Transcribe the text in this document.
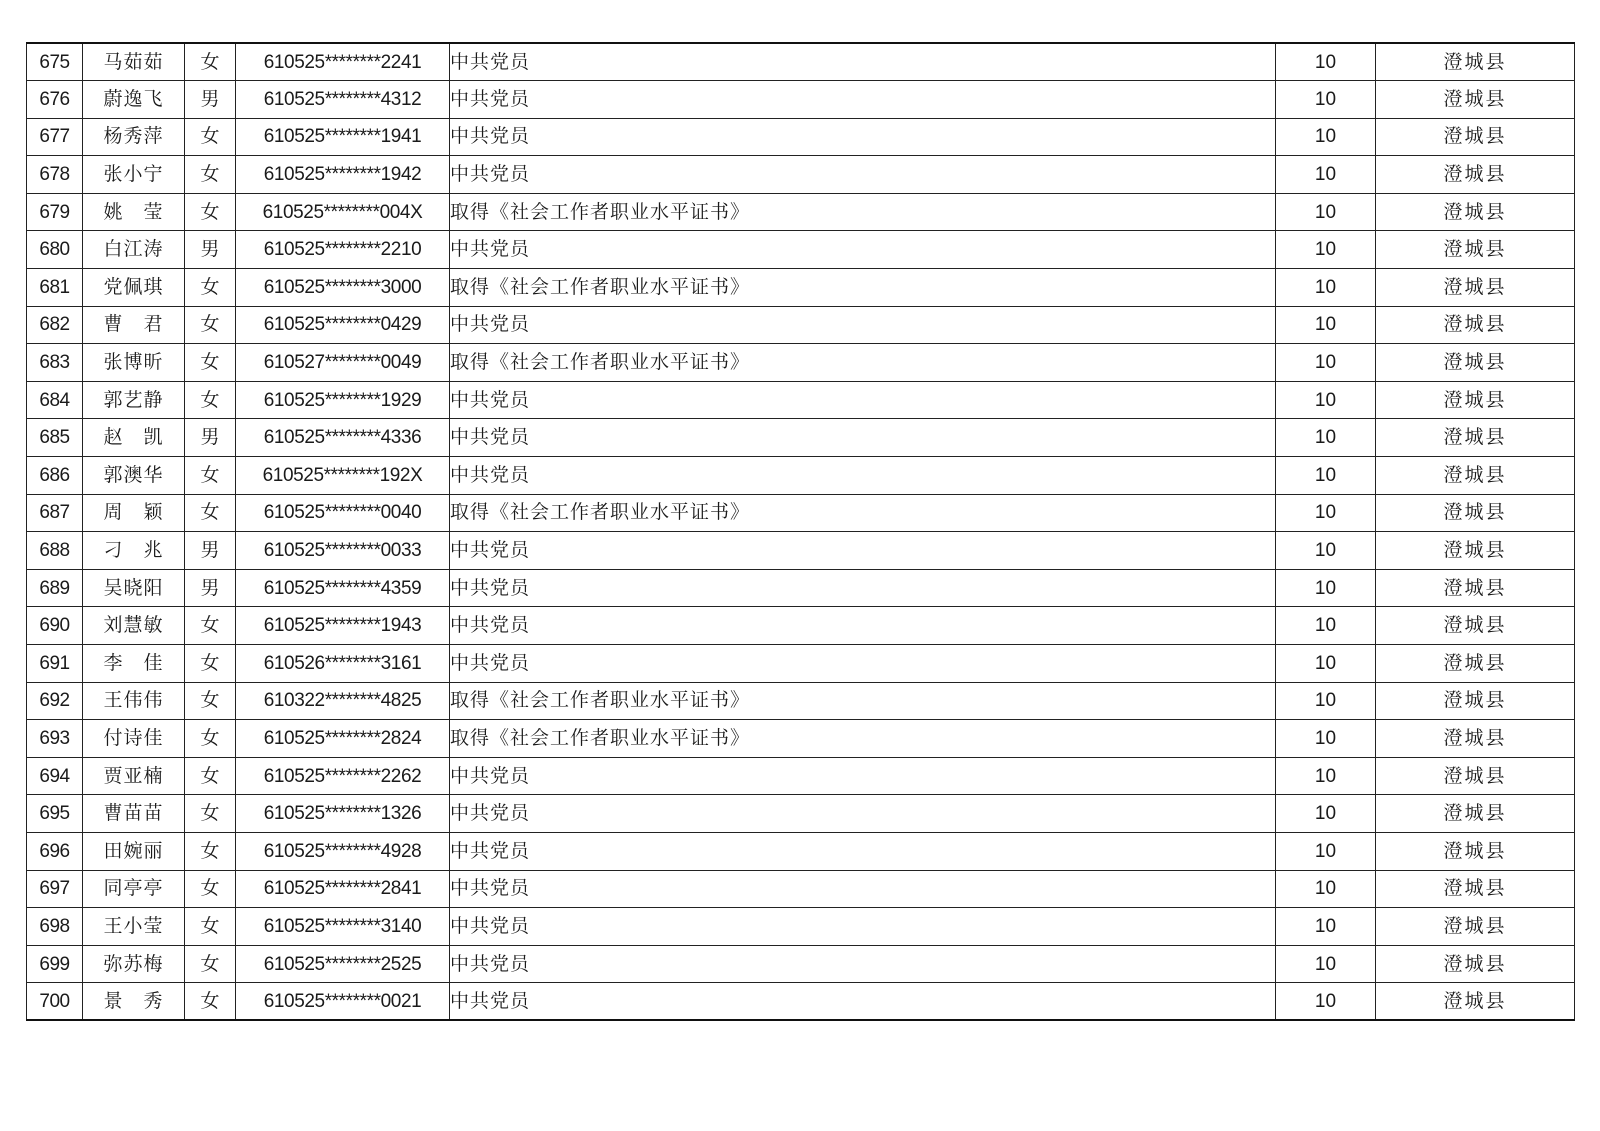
675	马茹茹	女	610525********2241	中共党员	10	澄城县
676	蔚逸飞	男	610525********4312	中共党员	10	澄城县
677	杨秀萍	女	610525********1941	中共党员	10	澄城县
678	张小宁	女	610525********1942	中共党员	10	澄城县
679	姚　莹	女	610525********004X	取得《社会工作者职业水平证书》	10	澄城县
680	白江涛	男	610525********2210	中共党员	10	澄城县
681	党佩琪	女	610525********3000	取得《社会工作者职业水平证书》	10	澄城县
682	曹　君	女	610525********0429	中共党员	10	澄城县
683	张博昕	女	610527********0049	取得《社会工作者职业水平证书》	10	澄城县
684	郭艺静	女	610525********1929	中共党员	10	澄城县
685	赵　凯	男	610525********4336	中共党员	10	澄城县
686	郭澳华	女	610525********192X	中共党员	10	澄城县
687	周　颖	女	610525********0040	取得《社会工作者职业水平证书》	10	澄城县
688	刁　兆	男	610525********0033	中共党员	10	澄城县
689	吴晓阳	男	610525********4359	中共党员	10	澄城县
690	刘慧敏	女	610525********1943	中共党员	10	澄城县
691	李　佳	女	610526********3161	中共党员	10	澄城县
692	王伟伟	女	610322********4825	取得《社会工作者职业水平证书》	10	澄城县
693	付诗佳	女	610525********2824	取得《社会工作者职业水平证书》	10	澄城县
694	贾亚楠	女	610525********2262	中共党员	10	澄城县
695	曹苗苗	女	610525********1326	中共党员	10	澄城县
696	田婉丽	女	610525********4928	中共党员	10	澄城县
697	同亭亭	女	610525********2841	中共党员	10	澄城县
698	王小莹	女	610525********3140	中共党员	10	澄城县
699	弥苏梅	女	610525********2525	中共党员	10	澄城县
700	景　秀	女	610525********0021	中共党员	10	澄城县
